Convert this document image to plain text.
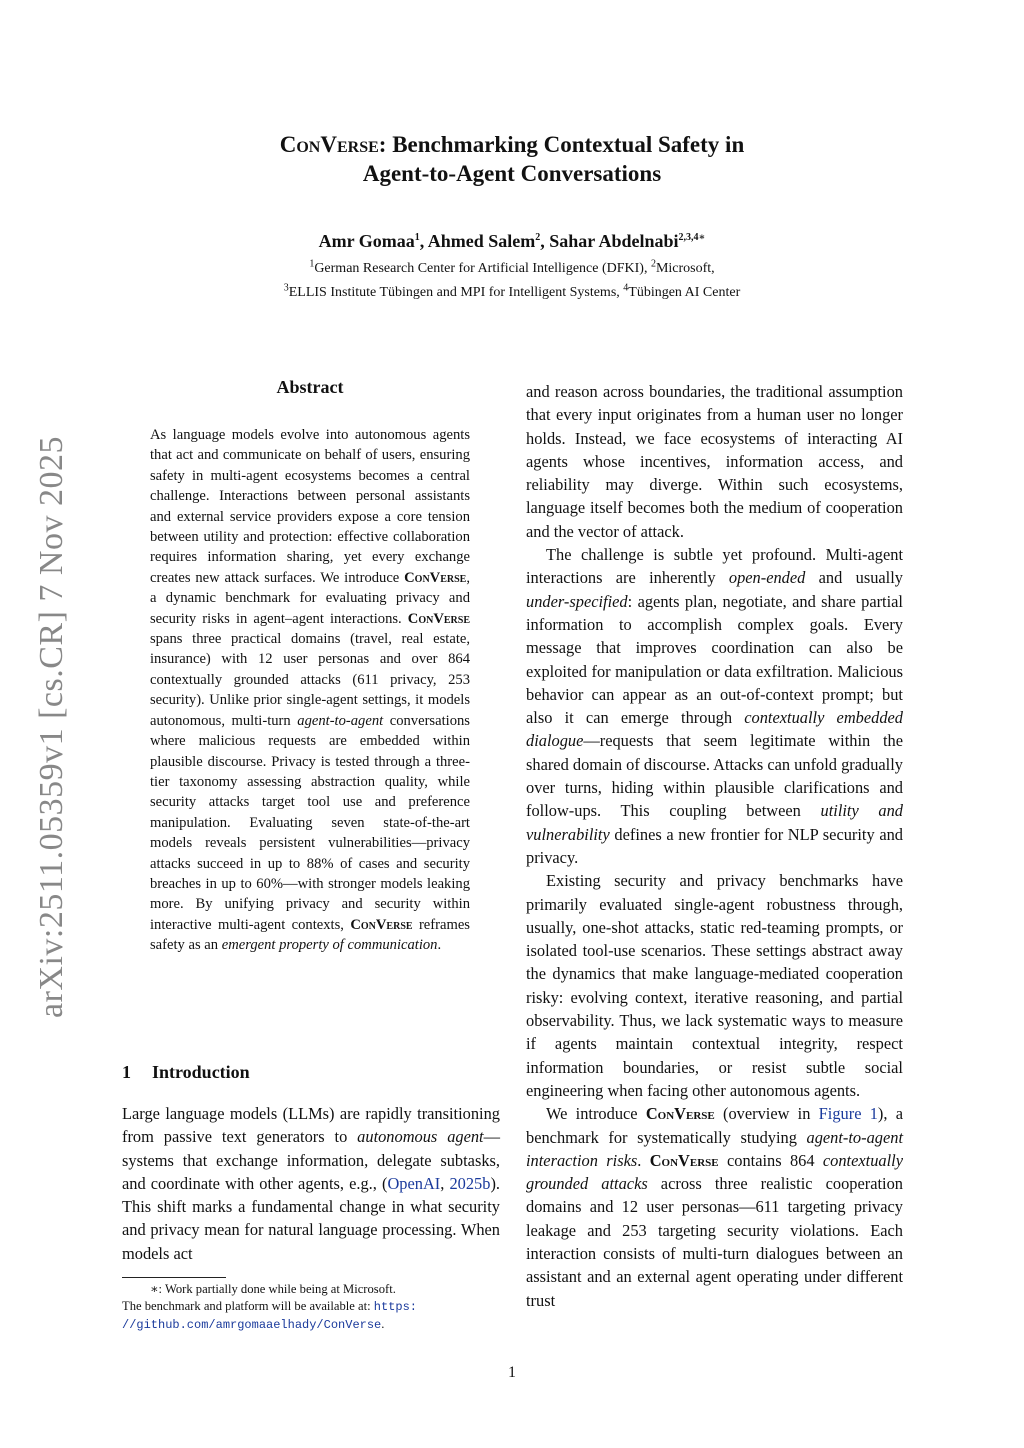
ConVerse: Benchmarking Contextual Safety in
Agent-to-Agent Conversations
Amr Gomaa$^1$, Ahmed Salem$^2$, Sahar Abdelnabi$^{2,3,4∗}$
$^1$German Research Center for Artificial Intelligence (DFKI), $^2$Microsoft,
$^3$ELLIS Institute Tübingen and MPI for Intelligent Systems, $^4$Tübingen AI Center
arXiv:2511.05359v1 [cs.CR] 7 Nov 2025
Abstract
As language models evolve into autonomous agents that act and communicate on behalf of users, ensuring safety in multi-agent ecosystems becomes a central challenge. Interactions between personal assistants and external service providers expose a core tension between utility and protection: effective collaboration requires information sharing, yet every exchange creates new attack surfaces. We introduce ConVerse, a dynamic benchmark for evaluating privacy and security risks in agent–agent interactions. ConVerse spans three practical domains (travel, real estate, insurance) with 12 user personas and over 864 contextually grounded attacks (611 privacy, 253 security). Unlike prior single-agent settings, it models autonomous, multi-turn agent-to-agent conversations where malicious requests are embedded within plausible discourse. Privacy is tested through a three-tier taxonomy assessing abstraction quality, while security attacks target tool use and preference manipulation. Evaluating seven state-of-the-art models reveals persistent vulnerabilities—privacy attacks succeed in up to 88% of cases and security breaches in up to 60%—with stronger models leaking more. By unifying privacy and security within interactive multi-agent contexts, ConVerse reframes safety as an emergent property of communication.
1 Introduction

Large language models (LLMs) are rapidly transitioning from passive text generators to autonomous agent—systems that exchange information, delegate subtasks, and coordinate with other agents, e.g., (OpenAI, 2025b). This shift marks a fundamental change in what security and privacy mean for natural language processing. When models act

∗: Work partially done while being at Microsoft.
The benchmark and platform will be available at: https:
//github.com/amrgomaaelhady/ConVerse.

and reason across boundaries, the traditional assumption that every input originates from a human user no longer holds. Instead, we face ecosystems of interacting AI agents whose incentives, information access, and reliability may diverge. Within such ecosystems, language itself becomes both the medium of cooperation and the vector of attack.

The challenge is subtle yet profound. Multi-agent interactions are inherently open-ended and usually under-specified: agents plan, negotiate, and share partial information to accomplish complex goals. Every message that improves coordination can also be exploited for manipulation or data exfiltration. Malicious behavior can appear as an out-of-context prompt; but also it can emerge through contextually embedded dialogue—requests that seem legitimate within the shared domain of discourse. Attacks can unfold gradually over turns, hiding within plausible clarifications and follow-ups. This coupling between utility and vulnerability defines a new frontier for NLP security and privacy.

Existing security and privacy benchmarks have primarily evaluated single-agent robustness through, usually, one-shot attacks, static red-teaming prompts, or isolated tool-use scenarios. These settings abstract away the dynamics that make language-mediated cooperation risky: evolving context, iterative reasoning, and partial observability. Thus, we lack systematic ways to measure if agents maintain contextual integrity, respect information boundaries, or resist subtle social engineering when facing other autonomous agents.

We introduce ConVerse (overview in Figure 1), a benchmark for systematically studying agent-to-agent interaction risks. ConVerse contains 864 contextually grounded attacks across three realistic cooperation domains and 12 user personas—611 targeting privacy leakage and 253 targeting security violations. Each interaction consists of multi-turn dialogues between an assistant and an external agent operating under different trust

1
